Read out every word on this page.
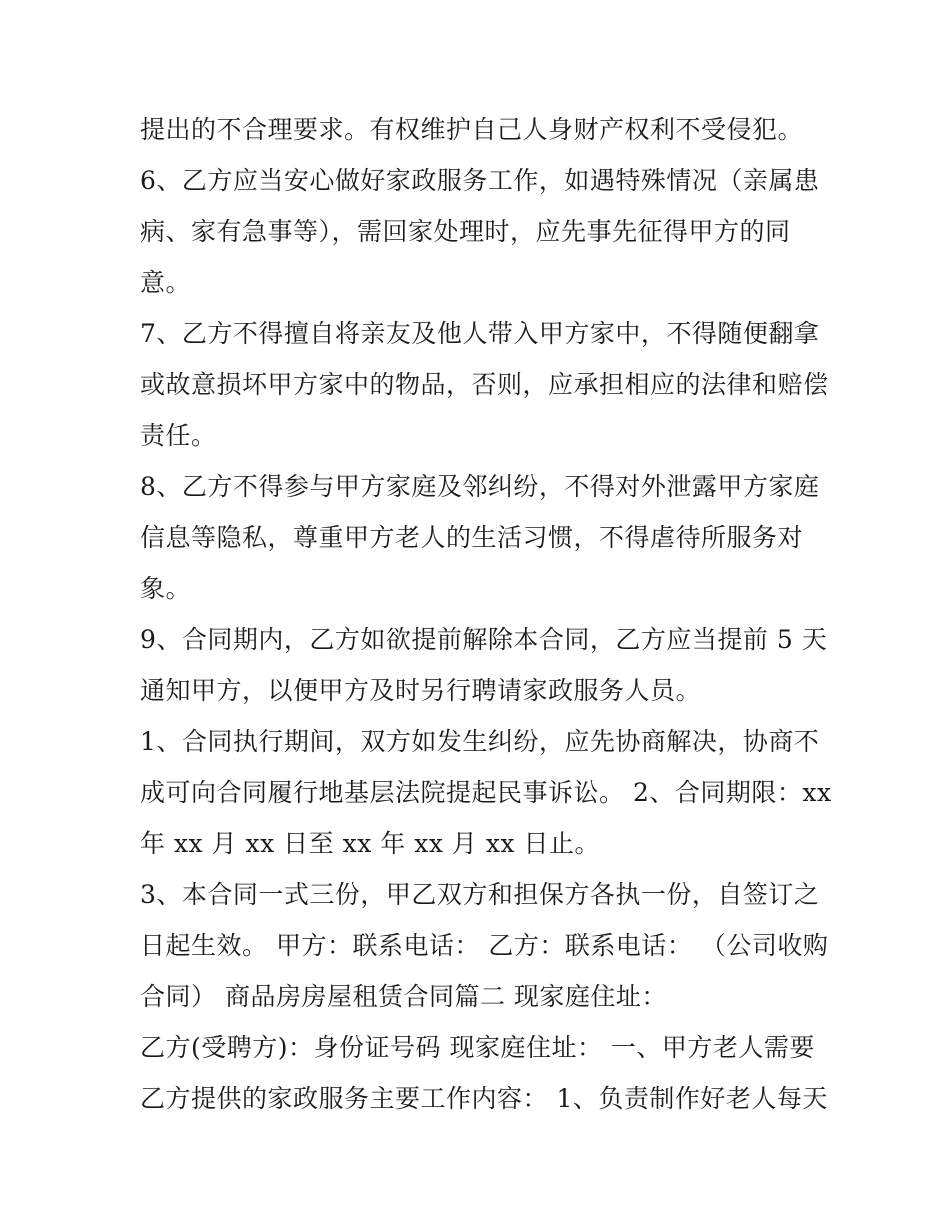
提出的不合理要求。有权维护自己人身财产权利不受侵犯。
6、乙方应当安心做好家政服务工作，如遇特殊情况（亲属患
病、家有急事等），需回家处理时，应先事先征得甲方的同
意。
7、乙方不得擅自将亲友及他人带入甲方家中，不得随便翻拿
或故意损坏甲方家中的物品，否则，应承担相应的法律和赔偿
责任。
8、乙方不得参与甲方家庭及邻纠纷，不得对外泄露甲方家庭
信息等隐私，尊重甲方老人的生活习惯，不得虐待所服务对
象。
9、合同期内，乙方如欲提前解除本合同，乙方应当提前 5 天
通知甲方，以便甲方及时另行聘请家政服务人员。
1、合同执行期间，双方如发生纠纷，应先协商解决，协商不
成可向合同履行地基层法院提起民事诉讼。 2、合同期限：xx
年 xx 月 xx 日至 xx 年 xx 月 xx 日止。
3、本合同一式三份，甲乙双方和担保方各执一份，自签订之
日起生效。 甲方：联系电话： 乙方：联系电话： （公司收购
合同） 商品房房屋租赁合同篇二 现家庭住址：
乙方(受聘方)：身份证号码 现家庭住址： 一、甲方老人需要
乙方提供的家政服务主要工作内容： 1、负责制作好老人每天
